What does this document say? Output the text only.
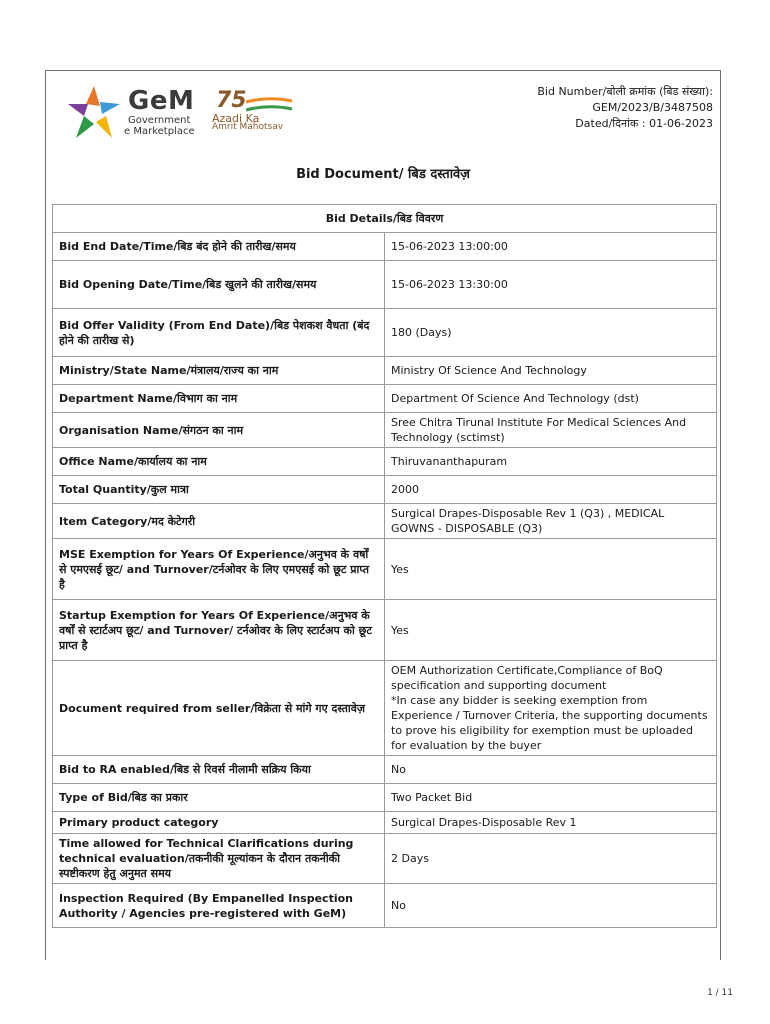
GeM
Government
e Marketplace
75
Azadi Ka
Amrit Mahotsav
Bid Number/बोली क्रमांक (बिड संख्या):
GEM/2023/B/3487508
Dated/दिनांक : 01-06-2023
Bid Document/ बिड दस्तावेज़
Bid Details/बिड विवरण	
Bid End Date/Time/बिड बंद होने की तारीख/समय	15-06-2023 13:00:00
Bid Opening Date/Time/बिड खुलने की तारीख/समय	15-06-2023 13:30:00
Bid Offer Validity (From End Date)/बिड पेशकश वैधता (बंद होने की तारीख से)	180 (Days)
Ministry/State Name/मंत्रालय/राज्य का नाम	Ministry Of Science And Technology
Department Name/विभाग का नाम	Department Of Science And Technology (dst)
Organisation Name/संगठन का नाम	Sree Chitra Tirunal Institute For Medical Sciences And Technology (sctimst)
Office Name/कार्यालय का नाम	Thiruvananthapuram
Total Quantity/कुल मात्रा	2000
Item Category/मद केटेगरी	Surgical Drapes-Disposable Rev 1 (Q3) , MEDICAL GOWNS - DISPOSABLE (Q3)
MSE Exemption for Years Of Experience/अनुभव के वर्षों से एमएसई छूट/ and Turnover/टर्नओवर के लिए एमएसई को छूट प्राप्त है	Yes
Startup Exemption for Years Of Experience/अनुभव के वर्षों से स्टार्टअप छूट/ and Turnover/ टर्नओवर के लिए स्टार्टअप को छूट प्राप्त है	Yes
Document required from seller/विक्रेता से मांगे गए दस्तावेज़	OEM Authorization Certificate,Compliance of BoQ specification and supporting document
*In case any bidder is seeking exemption from Experience / Turnover Criteria, the supporting documents to prove his eligibility for exemption must be uploaded for evaluation by the buyer
Bid to RA enabled/बिड से रिवर्स नीलामी सक्रिय किया	No
Type of Bid/बिड का प्रकार	Two Packet Bid
Primary product category	Surgical Drapes-Disposable Rev 1
Time allowed for Technical Clarifications during technical evaluation/तकनीकी मूल्यांकन के दौरान तकनीकी स्पष्टीकरण हेतु अनुमत समय	2 Days
Inspection Required (By Empanelled Inspection Authority / Agencies pre-registered with GeM)	No
1 / 11
